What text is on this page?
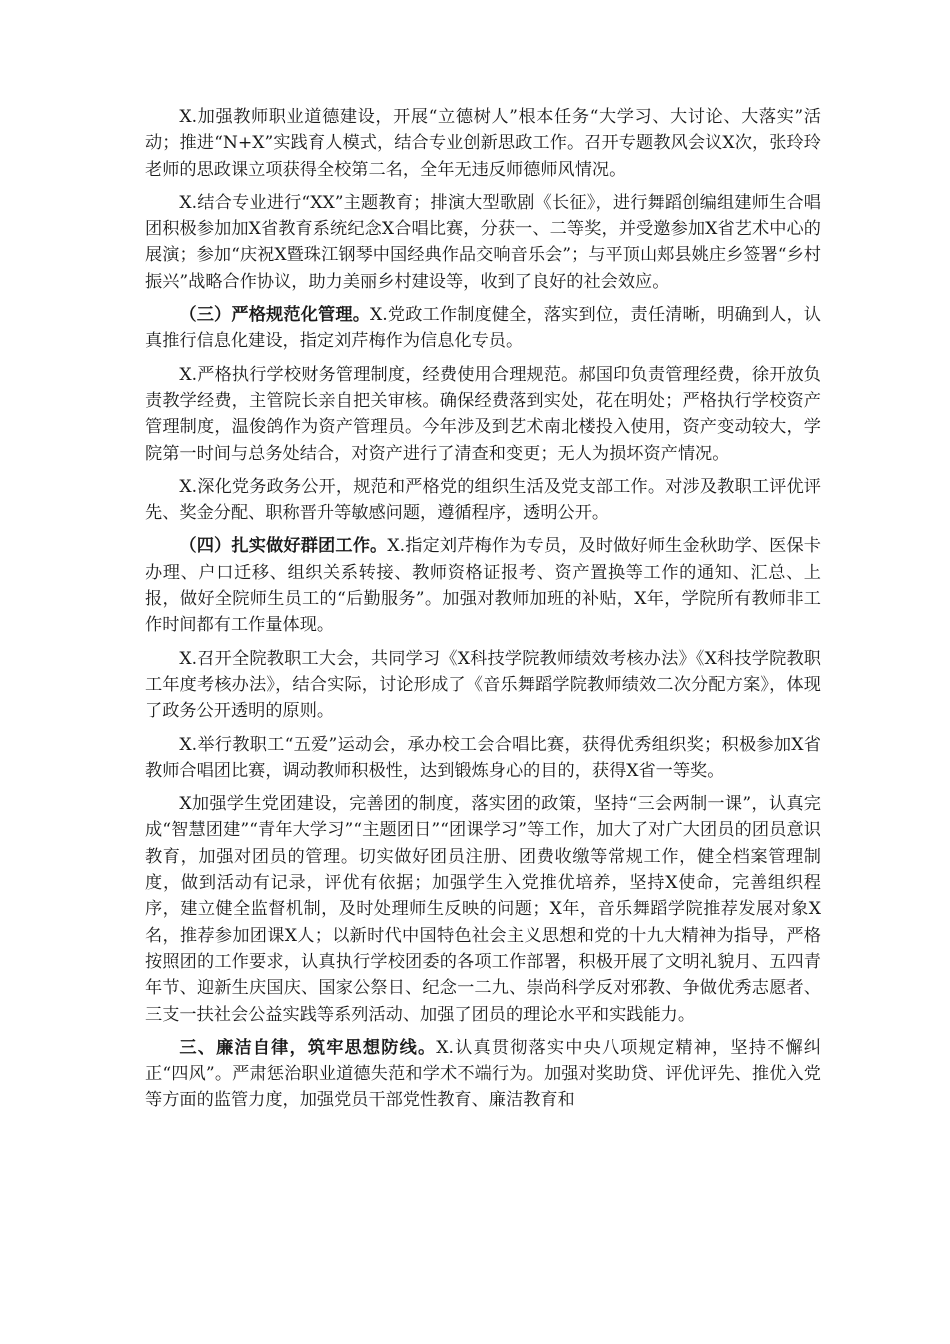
X.加强教师职业道德建设，开展“立德树人”根本任务“大学习、大讨论、大落实”活动；推进“N+X”实践育人模式，结合专业创新思政工作。召开专题教风会议X次，张玲玲老师的思政课立项获得全校第二名，全年无违反师德师风情况。

X.结合专业进行“XX”主题教育；排演大型歌剧《长征》，进行舞蹈创编组建师生合唱团积极参加加X省教育系统纪念X合唱比赛，分获一、二等奖，并受邀参加X省艺术中心的展演；参加“庆祝X暨珠江钢琴中国经典作品交响音乐会”；与平顶山郏县姚庄乡签署“乡村振兴”战略合作协议，助力美丽乡村建设等，收到了良好的社会效应。

（三）严格规范化管理。X.党政工作制度健全，落实到位，责任清晰，明确到人，认真推行信息化建设，指定刘芹梅作为信息化专员。

X.严格执行学校财务管理制度，经费使用合理规范。郝国印负责管理经费，徐开放负责教学经费，主管院长亲自把关审核。确保经费落到实处，花在明处；严格执行学校资产管理制度，温俊鸽作为资产管理员。今年涉及到艺术南北楼投入使用，资产变动较大，学院第一时间与总务处结合，对资产进行了清查和变更；无人为损坏资产情况。

X.深化党务政务公开，规范和严格党的组织生活及党支部工作。对涉及教职工评优评先、奖金分配、职称晋升等敏感问题，遵循程序，透明公开。

（四）扎实做好群团工作。X.指定刘芹梅作为专员，及时做好师生金秋助学、医保卡办理、户口迁移、组织关系转接、教师资格证报考、资产置换等工作的通知、汇总、上报，做好全院师生员工的“后勤服务”。加强对教师加班的补贴，X年，学院所有教师非工作时间都有工作量体现。

X.召开全院教职工大会，共同学习《X科技学院教师绩效考核办法》《X科技学院教职工年度考核办法》，结合实际，讨论形成了《音乐舞蹈学院教师绩效二次分配方案》，体现了政务公开透明的原则。

X.举行教职工“五爱”运动会，承办校工会合唱比赛，获得优秀组织奖；积极参加X省教师合唱团比赛，调动教师积极性，达到锻炼身心的目的，获得X省一等奖。

X加强学生党团建设，完善团的制度，落实团的政策，坚持“三会两制一课”，认真完成“智慧团建”“青年大学习”“主题团日”“团课学习”等工作，加大了对广大团员的团员意识教育，加强对团员的管理。切实做好团员注册、团费收缴等常规工作，健全档案管理制度，做到活动有记录，评优有依据；加强学生入党推优培养，坚持X使命，完善组织程序，建立健全监督机制，及时处理师生反映的问题；X年，音乐舞蹈学院推荐发展对象X名，推荐参加团课X人；以新时代中国特色社会主义思想和党的十九大精神为指导，严格按照团的工作要求，认真执行学校团委的各项工作部署，积极开展了文明礼貌月、五四青年节、迎新生庆国庆、国家公祭日、纪念一二九、崇尚科学反对邪教、争做优秀志愿者、三支一扶社会公益实践等系列活动、加强了团员的理论水平和实践能力。

三、廉洁自律，筑牢思想防线。X.认真贯彻落实中央八项规定精神，坚持不懈纠正“四风”。严肃惩治职业道德失范和学术不端行为。加强对奖助贷、评优评先、推优入党等方面的监管力度，加强党员干部党性教育、廉洁教育和
